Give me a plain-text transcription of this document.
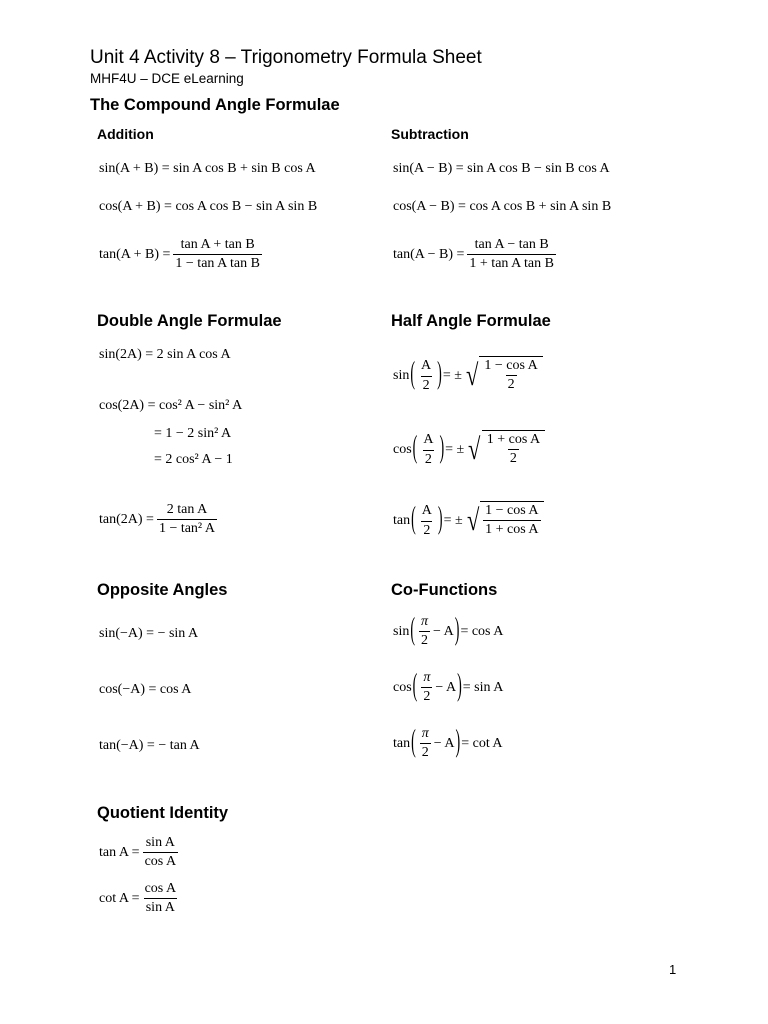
Unit 4 Activity 8 – Trigonometry Formula Sheet
MHF4U – DCE eLearning
The Compound Angle Formulae
Addition	Subtraction
sin(A + B) = sin A cos B + sin B cos A
cos(A + B) = cos A cos B − sin A sin B
$\tan(A + B) = \frac{\text{tan A + tan B}}{\text{1 − tan A tan B}}$
sin(A − B) = sin A cos B − sin B cos A
cos(A − B) = cos A cos B + sin A sin B
$\tan(A - B) = \frac{\text{tan A − tan B}}{\text{1 + tan A tan B}}$
Double Angle Formulae
sin(2A) = 2 sin A cos A
cos(2A) = cos² A − sin² A
= 1 − 2 sin² A
= 2 cos² A − 1
$\tan(2A) = \frac{\text{2 tan A}}{\text{1 − tan² A}}$
Half Angle Formulae
sin ( $\frac{A}{2}$ ) = ± √ $\frac{\text{1 − cos A}}{2}$
cos ( $\frac{A}{2}$ ) = ± √ $\frac{\text{1 + cos A}}{2}$
tan ( $\frac{A}{2}$ ) = ± √ $\frac{\text{1 − cos A}}{\text{1 + cos A}}$
Opposite Angles
sin(−A) = − sin A
cos(−A) = cos A
tan(−A) = − tan A
Co-Functions
sin ( $\frac{\pi}{2} - A$ ) = cos A
cos ( $\frac{\pi}{2} - A$ ) = sin A
tan ( $\frac{\pi}{2} - A$ ) = cot A
Quotient Identity
$\tan A = \frac{\text{sin A}}{\text{cos A}}$
$\cot A = \frac{\text{cos A}}{\text{sin A}}$
1
